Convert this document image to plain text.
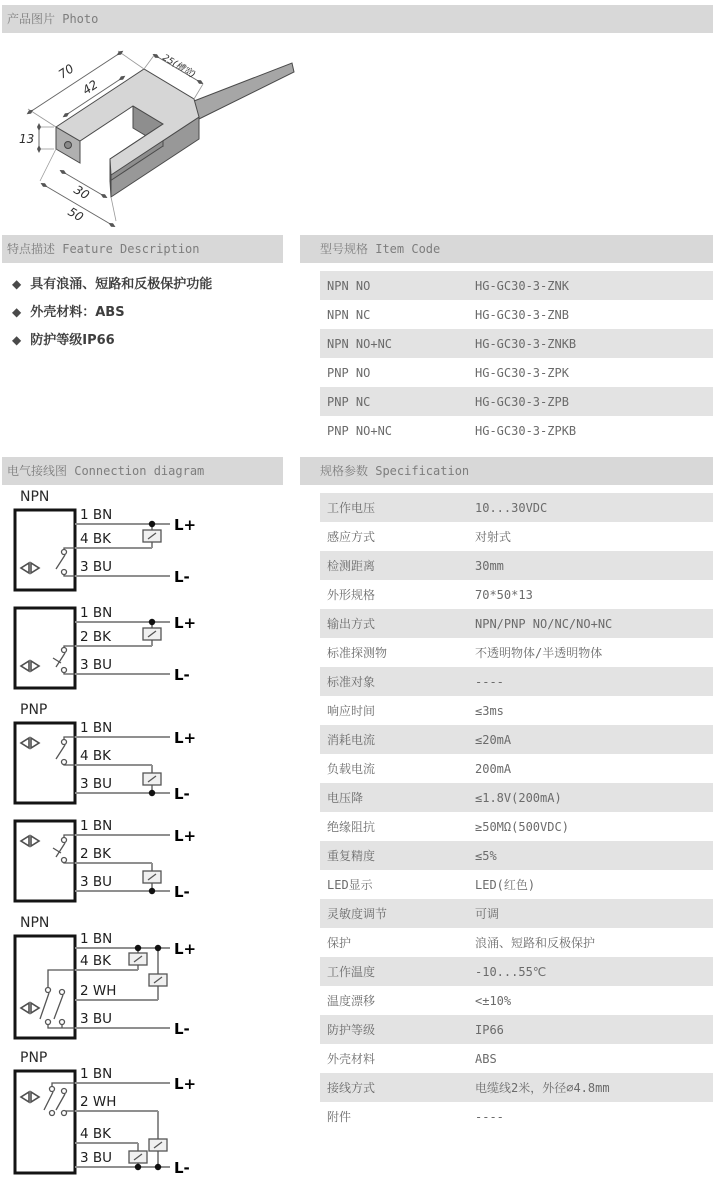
产品图片 Photo
70
42
25(槽宽)
13
30
50
特点描述 Feature Description
◆ 具有浪涌、短路和反极保护功能
◆ 外壳材料：ABS
◆ 防护等级IP66
型号规格 Item Code
NPN NO	HG-GC30-3-ZNK
NPN NC	HG-GC30-3-ZNB
NPN NO+NC	HG-GC30-3-ZNKB
PNP NO	HG-GC30-3-ZPK
PNP NC	HG-GC30-3-ZPB
PNP NO+NC	HG-GC30-3-ZPKB
电气接线图 Connection diagram
NPN
1 BN
L+
4 BK
3 BU
L-
1 BN
L+
2 BK
3 BU
L-
PNP
1 BN
L+
4 BK
3 BU
L-
1 BN
L+
2 BK
3 BU
L-
NPN
1 BN
L+
4 BK
2 WH
3 BU
L-
PNP
1 BN
L+
2 WH
4 BK
3 BU
L-
规格参数 Specification
工作电压	10...30VDC
感应方式	对射式
检测距离	30mm
外形规格	70*50*13
输出方式	NPN/PNP NO/NC/NO+NC
标准探测物	不透明物体/半透明物体
标准对象	----
响应时间	≤3ms
消耗电流	≤20mA
负载电流	200mA
电压降	≤1.8V(200mA)
绝缘阻抗	≥50MΩ(500VDC)
重复精度	≤5%
LED显示	LED(红色)
灵敏度调节	可调
保护	浪涌、短路和反极保护
工作温度	-10...55℃
温度漂移	<±10%
防护等级	IP66
外壳材料	ABS
接线方式	电缆线2米，外径∅4.8mm
附件	----
